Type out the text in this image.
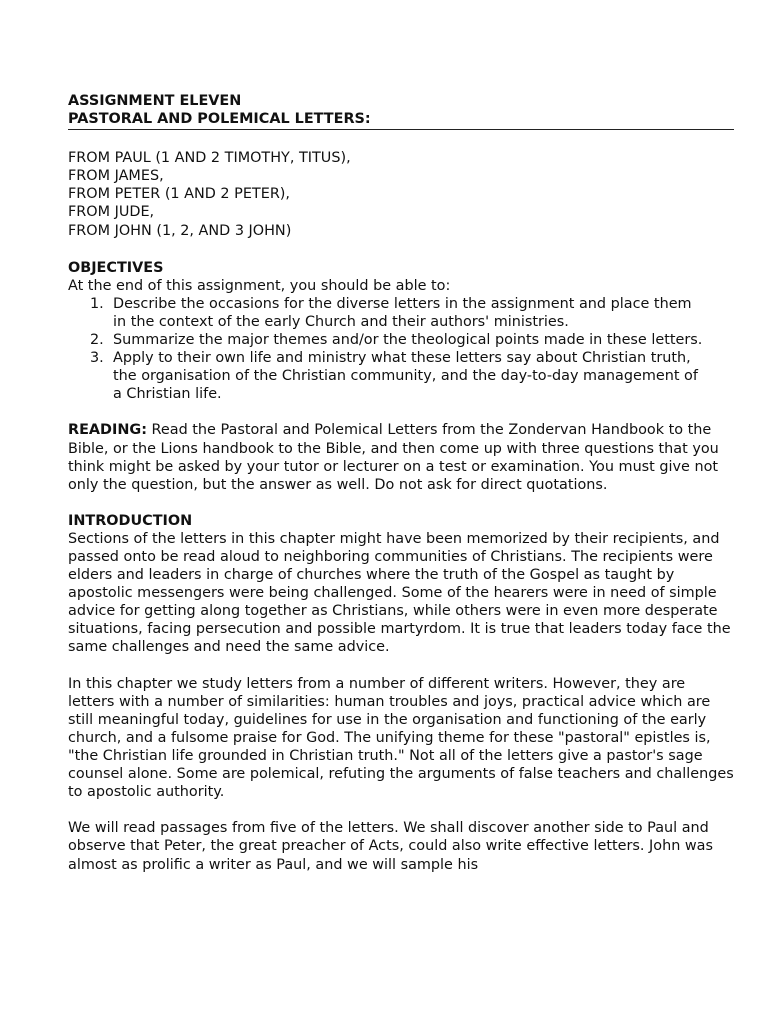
ASSIGNMENT ELEVEN
PASTORAL AND POLEMICAL LETTERS:
FROM PAUL (1 AND 2 TIMOTHY, TITUS),
FROM JAMES,
FROM PETER (1 AND 2 PETER),
FROM JUDE,
FROM JOHN (1, 2, AND 3 JOHN)
OBJECTIVES

At the end of this assignment, you should be able to:

1. Describe the occasions for the diverse letters in the assignment and place them in the context of the early Church and their authors' ministries.
2. Summarize the major themes and/or the theological points made in these letters.
3. Apply to their own life and ministry what these letters say about Christian truth, the organisation of the Christian community, and the day-to-day management of a Christian life.

READING: Read the Pastoral and Polemical Letters from the Zondervan Handbook to the Bible, or the Lions handbook to the Bible, and then come up with three questions that you think might be asked by your tutor or lecturer on a test or examination. You must give not only the question, but the answer as well. Do not ask for direct quotations.

INTRODUCTION

Sections of the letters in this chapter might have been memorized by their recipients, and passed onto be read aloud to neighboring communities of Christians. The recipients were elders and leaders in charge of churches where the truth of the Gospel as taught by apostolic messengers were being challenged. Some of the hearers were in need of simple advice for getting along together as Christians, while others were in even more desperate situations, facing persecution and possible martyrdom. It is true that leaders today face the same challenges and need the same advice.

In this chapter we study letters from a number of different writers. However, they are letters with a number of similarities: human troubles and joys, practical advice which are still meaningful today, guidelines for use in the organisation and functioning of the early church, and a fulsome praise for God. The unifying theme for these "pastoral" epistles is, "the Christian life grounded in Christian truth." Not all of the letters give a pastor's sage counsel alone. Some are polemical, refuting the arguments of false teachers and challenges to apostolic authority.

We will read passages from five of the letters. We shall discover another side to Paul and observe that Peter, the great preacher of Acts, could also write effective letters. John was almost as prolific a writer as Paul, and we will sample his
